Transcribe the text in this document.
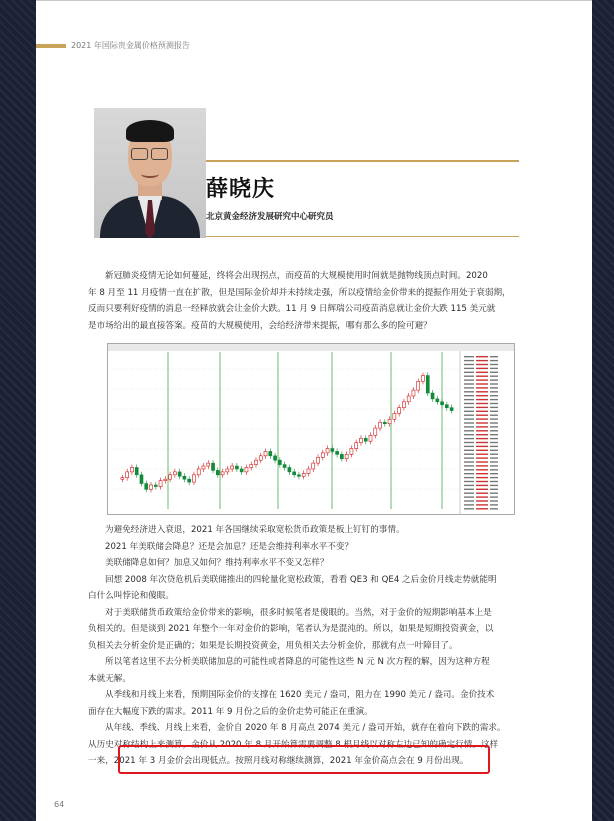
2021 年国际贵金属价格预测报告
薛晓庆
北京黄金经济发展研究中心研究员

新冠肺炎疫情无论如何蔓延，终将会出现拐点，而疫苗的大规模使用时间就是抛物线顶点时间。2020
年 8 月至 11 月疫情一直在扩散，但是国际金价却并未持续走强，所以疫情给金价带来的提振作用处于衰弱期，
反而只要利好疫情的消息一经释放就会让金价大跌。11 月 9 日辉瑞公司疫苗消息就让金价大跌 115 美元就
是市场给出的最直接答案。疫苗的大规模使用，会给经济带来提振，哪有那么多的险可避？

为避免经济进入衰退，2021 年各国继续采取宽松货币政策是板上钉钉的事情。
2021 年美联储会降息？还是会加息？还是会维持利率水平不变？
美联储降息如何？加息又如何？维持利率水平不变又怎样？
回想 2008 年次贷危机后美联储推出的四轮量化宽松政策，看看 QE3 和 QE4 之后金价月线走势就能明
白什么叫悖论和傻眼。
对于美联储货币政策给金价带来的影响，很多时候笔者是傻眼的。当然，对于金价的短期影响基本上是
负相关的。但是谈到 2021 年整个一年对金价的影响，笔者认为是混沌的。所以，如果是短期投资黄金，以
负相关去分析金价是正确的；如果是长期投资黄金，用负相关去分析金价，那就有点一叶障目了。
所以笔者这里不去分析美联储加息的可能性或者降息的可能性这些 N 元 N 次方程的解，因为这种方程
本就无解。
从季线和月线上来看，预期国际金价的支撑在 1620 美元 / 盎司，阻力在 1990 美元 / 盎司。金价技术
面存在大幅度下跌的需求。2011 年 9 月份之后的金价走势可能正在重演。
从年线、季线、月线上来看，金价自 2020 年 8 月高点 2074 美元 / 盎司开始，就存在着向下跌的需求。
从历史对称结构上来测算，金价从 2020 年 8 月开始算需要调整 8 根月线以对称左边已知的确定行情。这样
一来，2021 年 3 月金价会出现低点。按照月线对称继续测算，2021 年金价高点会在 9 月份出现。

64
